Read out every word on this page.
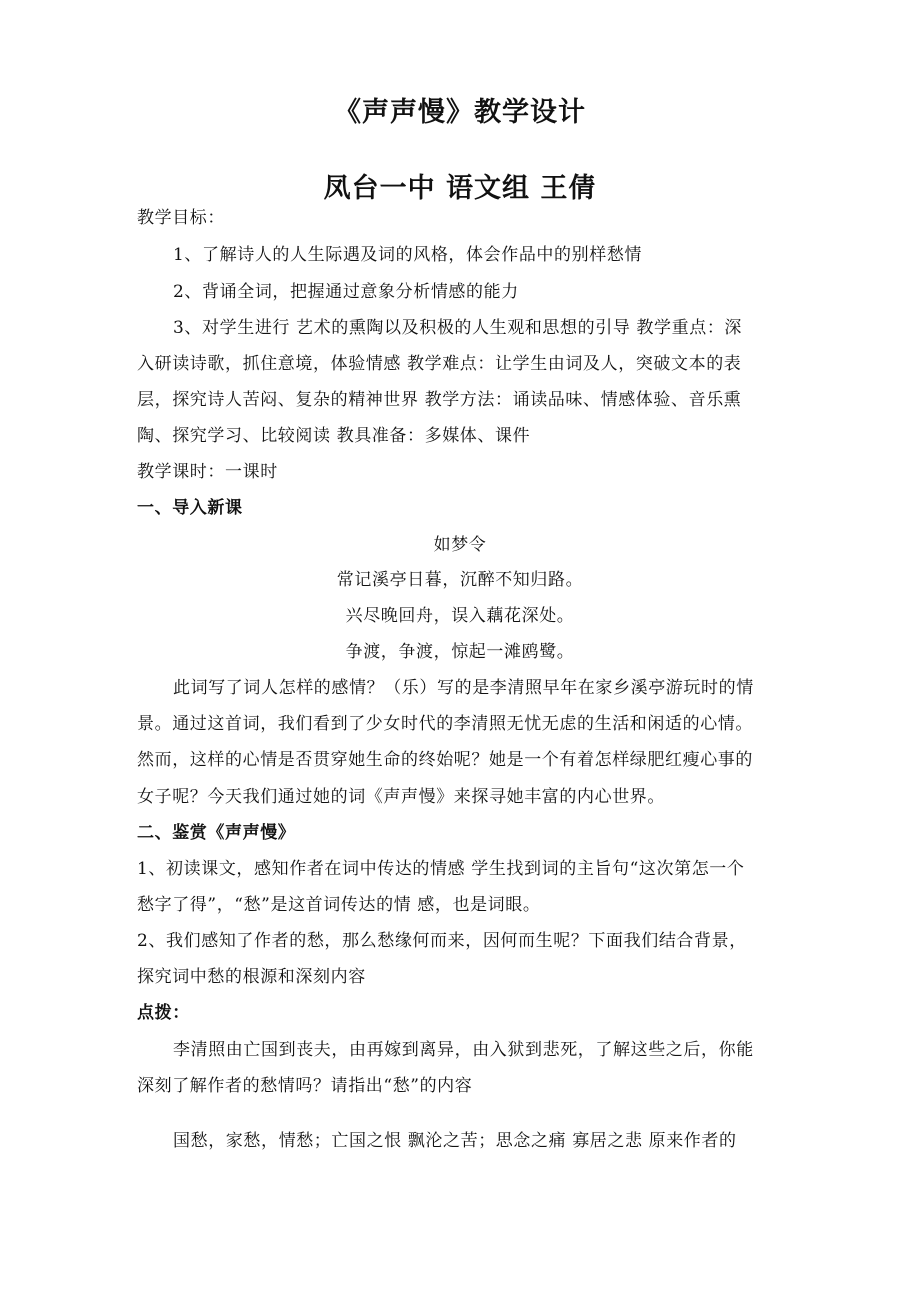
《声声慢》教学设计
凤台一中 语文组 王倩
教学目标：
1、了解诗人的人生际遇及词的风格，体会作品中的别样愁情
2、背诵全词，把握通过意象分析情感的能力
3、对学生进行 艺术的熏陶以及积极的人生观和思想的引导 教学重点：深
入研读诗歌，抓住意境，体验情感 教学难点：让学生由词及人，突破文本的表
层，探究诗人苦闷、复杂的精神世界 教学方法：诵读品味、情感体验、音乐熏
陶、探究学习、比较阅读 教具准备：多媒体、课件
教学课时：一课时
一、导入新课
如梦令
常记溪亭日暮，沉醉不知归路。
兴尽晚回舟，误入藕花深处。
争渡，争渡，惊起一滩鸥鹭。
此词写了词人怎样的感情？（乐）写的是李清照早年在家乡溪亭游玩时的情
景。通过这首词，我们看到了少女时代的李清照无忧无虑的生活和闲适的心情。
然而，这样的心情是否贯穿她生命的终始呢？她是一个有着怎样绿肥红瘦心事的
女子呢？今天我们通过她的词《声声慢》来探寻她丰富的内心世界。
二、鉴赏《声声慢》
1、初读课文，感知作者在词中传达的情感 学生找到词的主旨句“这次第怎一个
愁字了得”，“愁”是这首词传达的情 感，也是词眼。
2、我们感知了作者的愁，那么愁缘何而来，因何而生呢？下面我们结合背景，
探究词中愁的根源和深刻内容
点拨：
李清照由亡国到丧夫，由再嫁到离异，由入狱到悲死，了解这些之后，你能
深刻了解作者的愁情吗？请指出“愁”的内容
国愁，家愁，情愁；亡国之恨 飘沦之苦；思念之痛 寡居之悲 原来作者的
